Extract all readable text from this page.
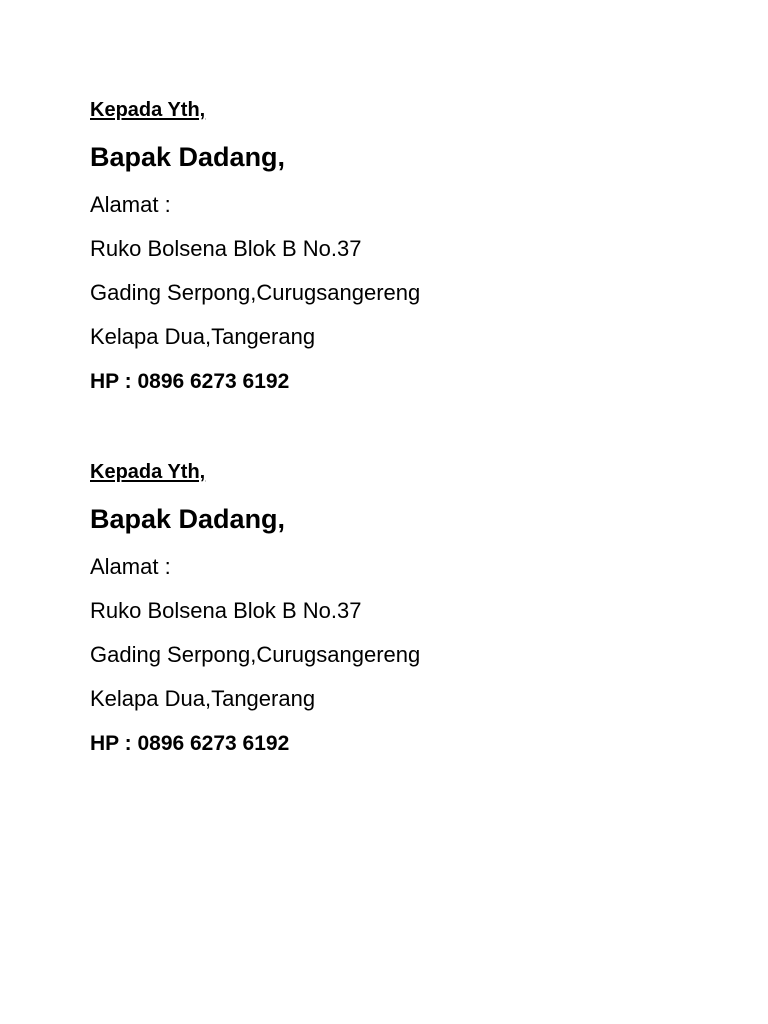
Kepada Yth,
Bapak Dadang,
Alamat :
Ruko Bolsena Blok B No.37
Gading Serpong,Curugsangereng
Kelapa Dua,Tangerang
HP : 0896 6273 6192
Kepada Yth,
Bapak Dadang,
Alamat :
Ruko Bolsena Blok B No.37
Gading Serpong,Curugsangereng
Kelapa Dua,Tangerang
HP : 0896 6273 6192
